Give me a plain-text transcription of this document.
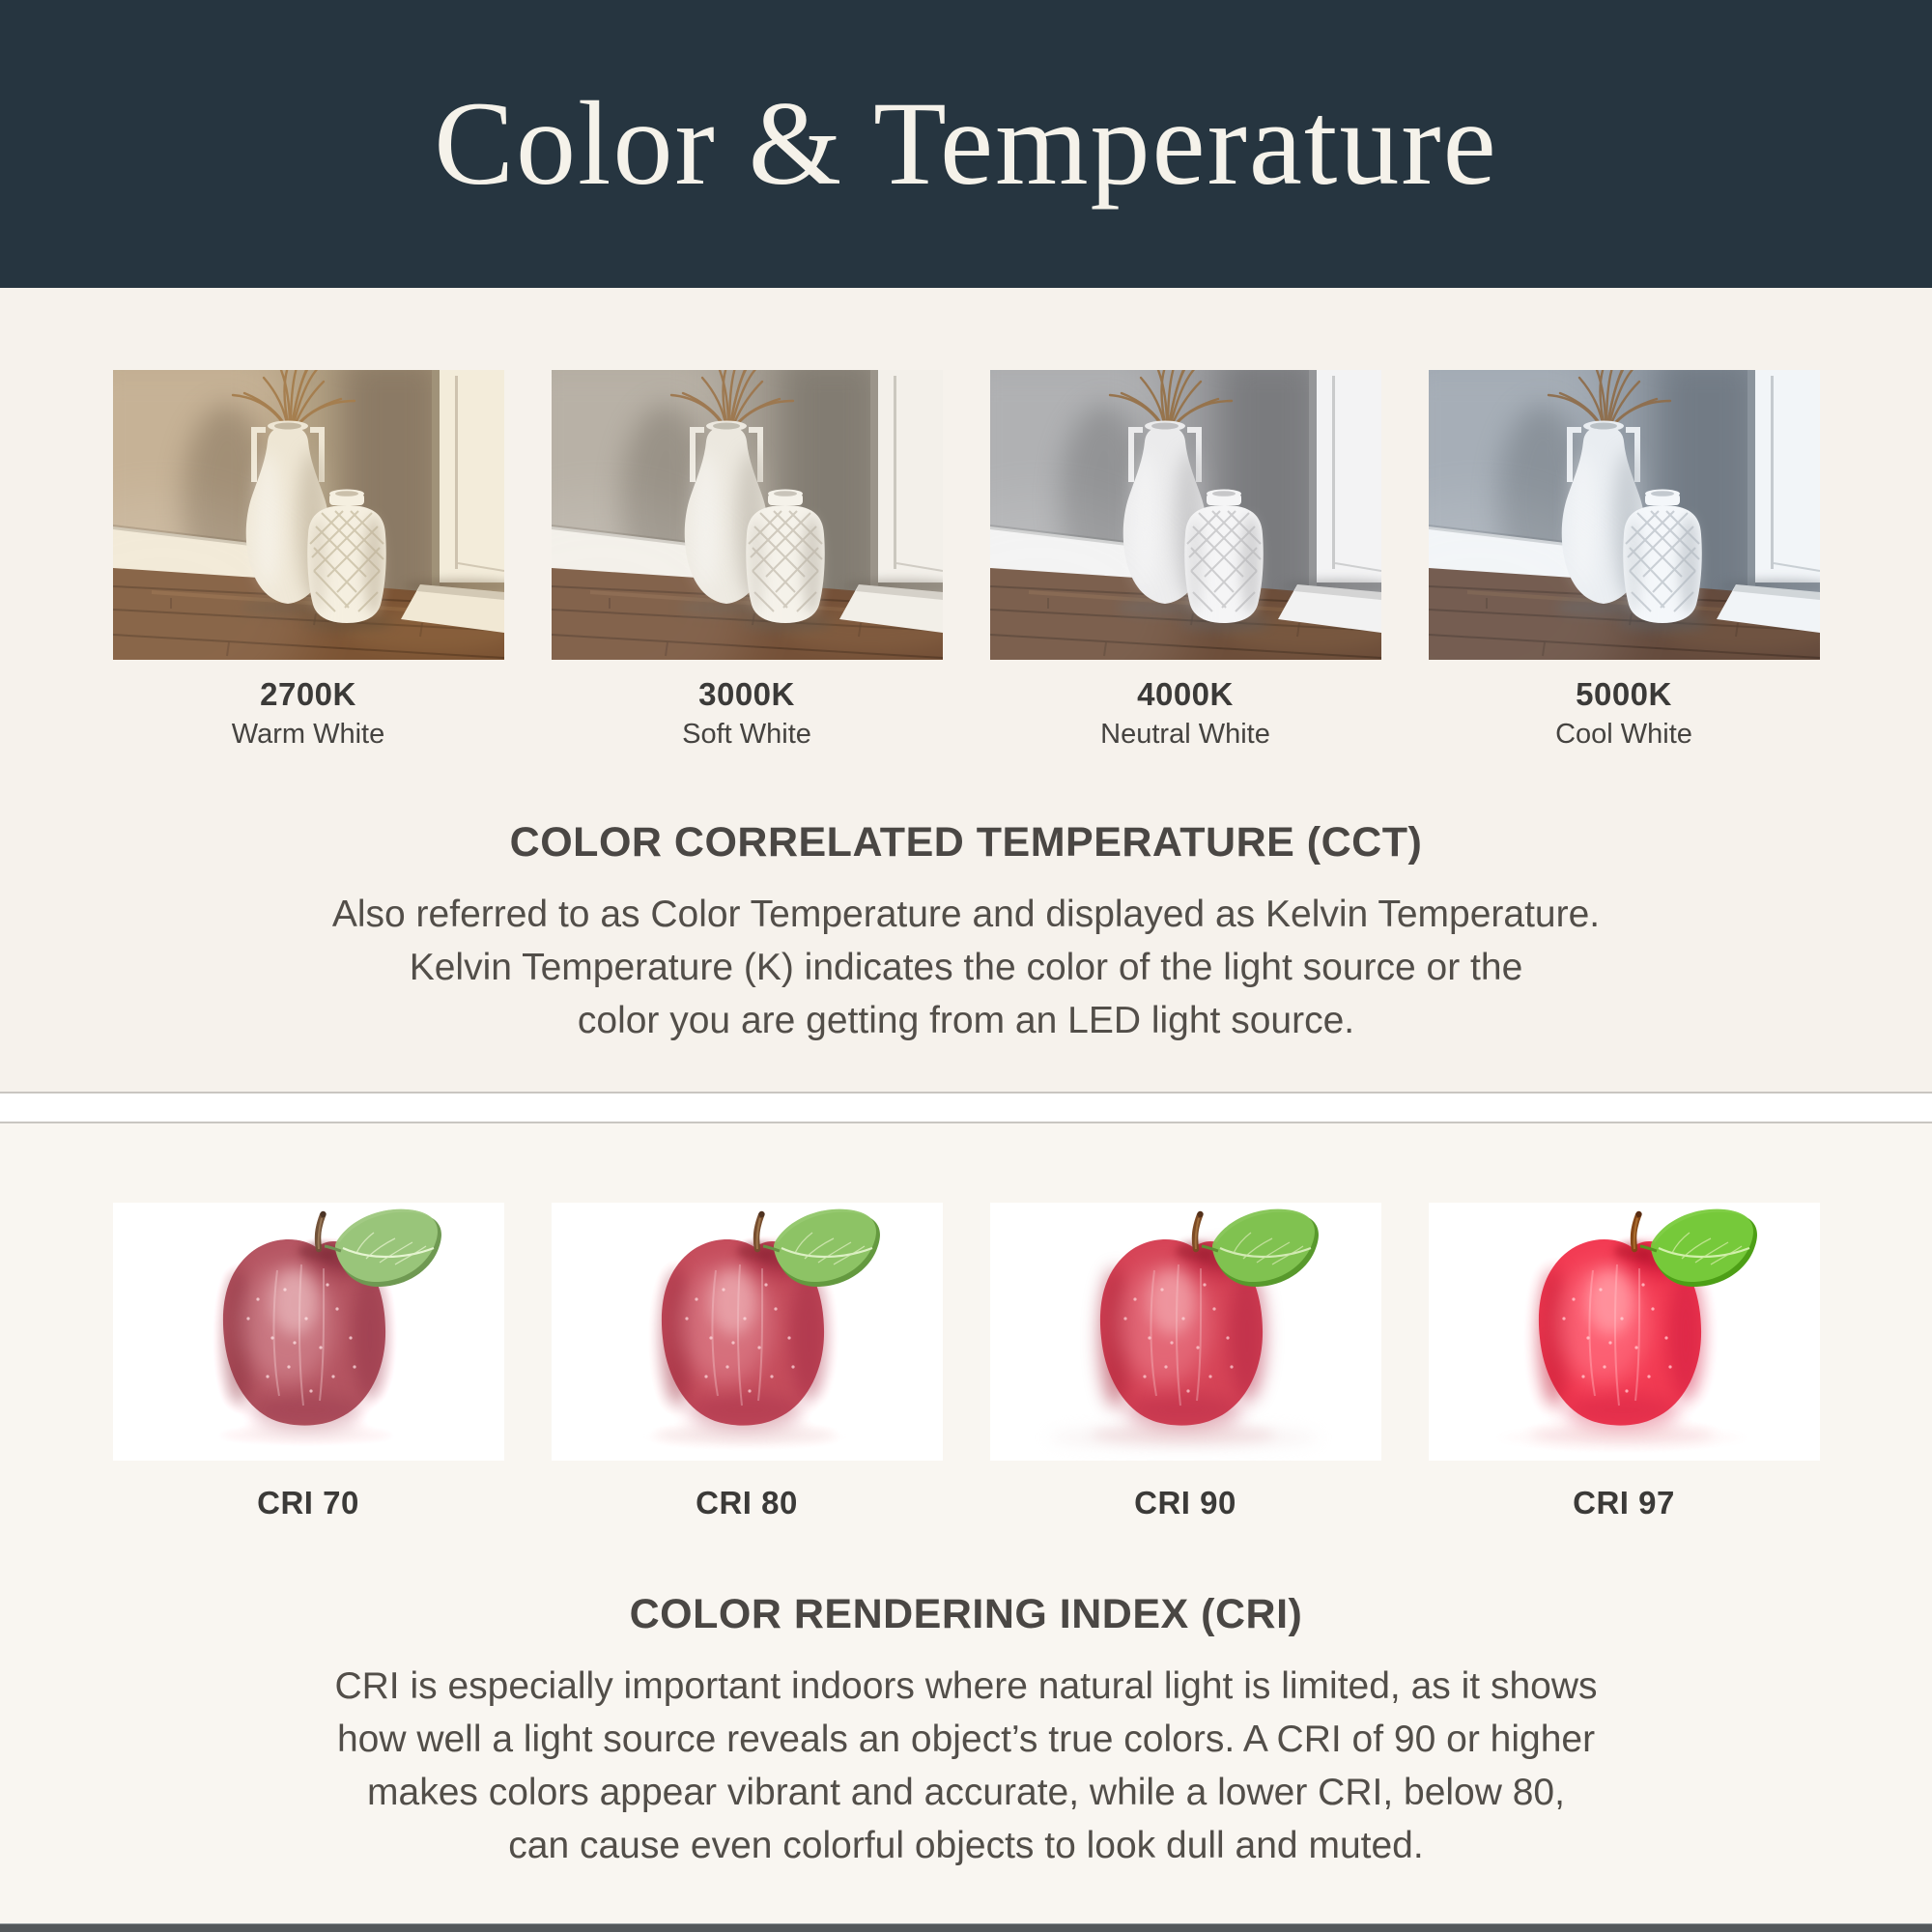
Color & Temperature
2700K
Warm White
3000K
Soft White
4000K
Neutral White
5000K
Cool White
COLOR CORRELATED TEMPERATURE (CCT)
Also referred to as Color Temperature and displayed as Kelvin Temperature.
Kelvin Temperature (K) indicates the color of the light source or the
color you are getting from an LED light source.
CRI 70	CRI 80	CRI 90	CRI 97
COLOR RENDERING INDEX (CRI)
CRI is especially important indoors where natural light is limited, as it shows
how well a light source reveals an object’s true colors. A CRI of 90 or higher
makes colors appear vibrant and accurate, while a lower CRI, below 80,
can cause even colorful objects to look dull and muted.
